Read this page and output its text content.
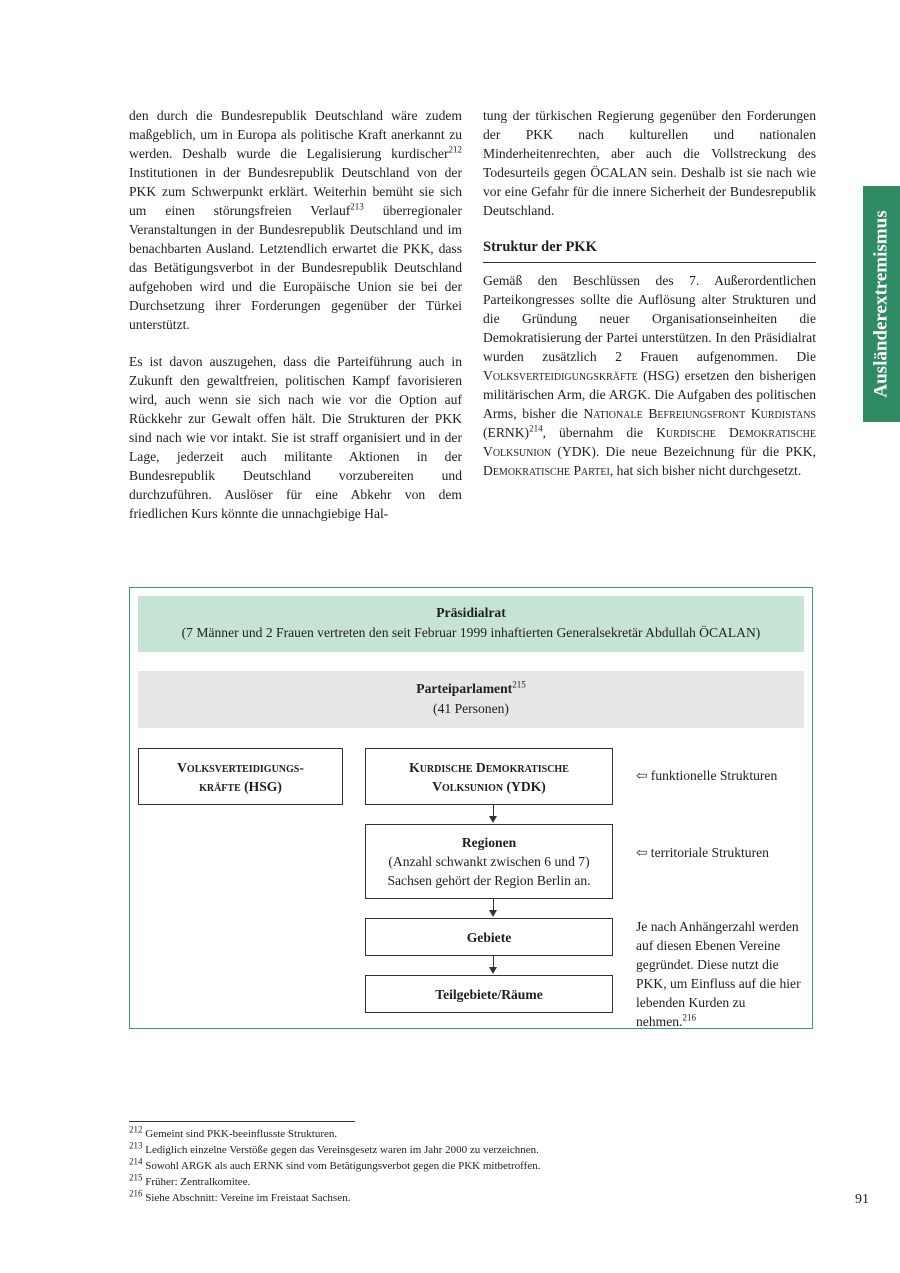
Ausländerextremismus

den durch die Bundesrepublik Deutschland wäre zudem maßgeblich, um in Europa als politische Kraft anerkannt zu werden. Deshalb wurde die Legalisierung kurdischer$^{212}$ Institutionen in der Bundesrepublik Deutschland von der PKK zum Schwerpunkt erklärt. Weiterhin bemüht sie sich um einen störungsfreien Verlauf$^{213}$ überregionaler Veranstaltungen in der Bundesrepublik Deutschland und im benachbarten Ausland. Letztendlich erwartet die PKK, dass das Betätigungsverbot in der Bundesrepublik Deutschland aufgehoben wird und die Europäische Union sie bei der Durchsetzung ihrer Forderungen gegenüber der Türkei unterstützt.

Es ist davon auszugehen, dass die Parteiführung auch in Zukunft den gewaltfreien, politischen Kampf favorisieren wird, auch wenn sie sich nach wie vor die Option auf Rückkehr zur Gewalt offen hält. Die Strukturen der PKK sind nach wie vor intakt. Sie ist straff organisiert und in der Lage, jederzeit auch militante Aktionen in der Bundesrepublik Deutschland vorzubereiten und durchzuführen. Auslöser für eine Abkehr von dem friedlichen Kurs könnte die unnachgiebige Hal-

tung der türkischen Regierung gegenüber den Forderungen der PKK nach kulturellen und nationalen Minderheitenrechten, aber auch die Vollstreckung des Todesurteils gegen ÖCALAN sein. Deshalb ist sie nach wie vor eine Gefahr für die innere Sicherheit der Bundesrepublik Deutschland.

Struktur der PKK

Gemäß den Beschlüssen des 7. Außerordentlichen Parteikongresses sollte die Auflösung alter Strukturen und die Gründung neuer Organisationseinheiten die Demokratisierung der Partei unterstützen. In den Präsidialrat wurden zusätzlich 2 Frauen aufgenommen. Die Volksverteidigungskräfte (HSG) ersetzen den bisherigen militärischen Arm, die ARGK. Die Aufgaben des politischen Arms, bisher die Nationale Befreiungsfront Kurdistans (ERNK)$^{214}$, übernahm die Kurdische Demokratische Volksunion (YDK). Die neue Bezeichnung für die PKK, Demokratische Partei, hat sich bisher nicht durchgesetzt.

Präsidialrat
(7 Männer und 2 Frauen vertreten den seit Februar 1999 inhaftierten Generalsekretär Abdullah ÖCALAN)
Parteiparlament$^{215}$
(41 Personen)
Volksverteidigungs-
kräfte (HSG)
Kurdische Demokratische
Volksunion (YDK)
⇦ funktionelle Strukturen
Regionen
(Anzahl schwankt zwischen 6 und 7)
Sachsen gehört der Region Berlin an.
⇦ territoriale Strukturen
Gebiete
Teilgebiete/Räume
Je nach Anhängerzahl werden auf diesen Ebenen Vereine gegründet. Diese nutzt die PKK, um Einfluss auf die hier lebenden Kurden zu nehmen.$^{216}$
$^{212}$ Gemeint sind PKK-beeinflusste Strukturen.
$^{213}$ Lediglich einzelne Verstöße gegen das Vereinsgesetz waren im Jahr 2000 zu verzeichnen.
$^{214}$ Sowohl ARGK als auch ERNK sind vom Betätigungsverbot gegen die PKK mitbetroffen.
$^{215}$ Früher: Zentralkomitee.
$^{216}$ Siehe Abschnitt: Vereine im Freistaat Sachsen.	91
